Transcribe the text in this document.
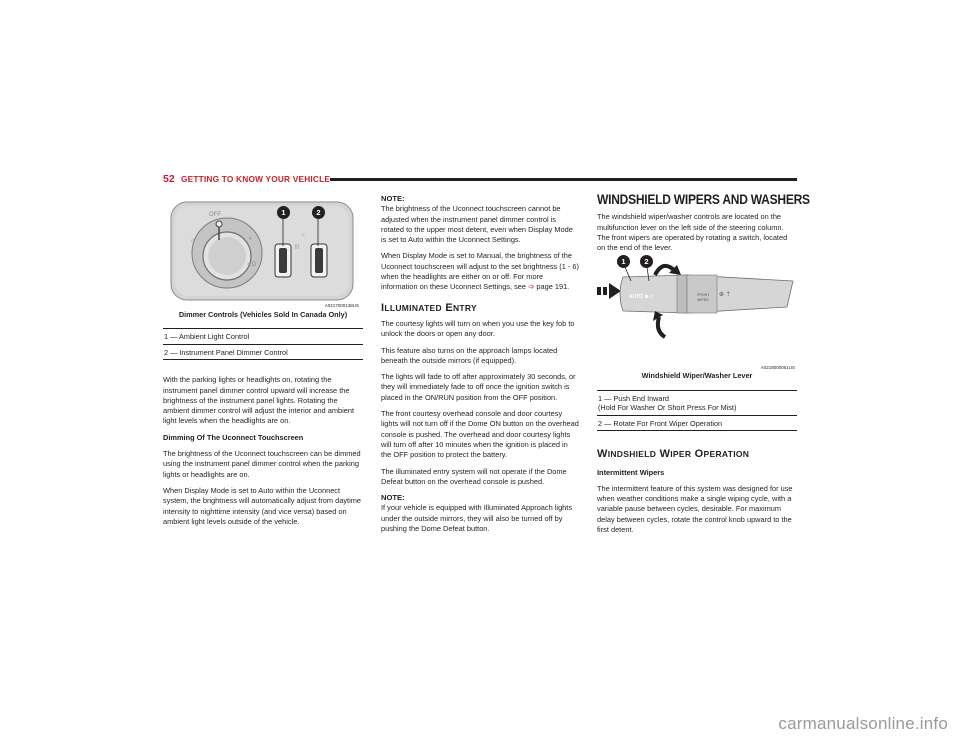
52 GETTING TO KNOW YOUR VEHICLE
OFF
☼	◐
⊂D
|||
☼
1	2
A0217000138US
Dimmer Controls (Vehicles Sold In Canada Only)
1 — Ambient Light Control
2 — Instrument Panel Dimmer Control

With the parking lights or headlights on, rotating the instrument panel dimmer control upward will increase the brightness of the instrument panel lights. Rotating the ambient dimmer control will adjust the interior and ambient light levels when the headlights are on.

Dimming Of The Uconnect Touchscreen

The brightness of the Uconnect touchscreen can be dimmed using the instrument panel dimmer control when the parking lights or headlights are on.

When Display Mode is set to Auto within the Uconnect system, the brightness will automatically adjust from daytime intensity to nighttime intensity (and vice versa) based on ambient light levels outside of the vehicle.

NOTE:

The brightness of the Uconnect touchscreen cannot be adjusted when the instrument panel dimmer control is rotated to the upper most detent, even when Display Mode is set to Auto within the Uconnect Settings.

When Display Mode is set to Manual, the brightness of the Uconnect touchscreen will adjust to the set brightness (1 - 6) when the headlights are either on or off. For more information on these Uconnect Settings, see ➩ page 191.

ILLUMINATED ENTRY

The courtesy lights will turn on when you use the key fob to unlock the doors or open any door.

This feature also turns on the approach lamps located beneath the outside mirrors (if equipped).

The lights will fade to off after approximately 30 seconds, or they will immediately fade to off once the ignition switch is placed in the ON/RUN position from the OFF position.

The front courtesy overhead console and door courtesy lights will not turn off if the Dome ON button on the overhead console is pushed. The overhead and door courtesy lights will turn off after 10 minutes when the ignition is placed in the OFF position to protect the battery.

The illuminated entry system will not operate if the Dome Defeat button on the overhead console is pushed.

NOTE:

If your vehicle is equipped with Illuminated Approach lights under the outside mirrors, they will also be turned off by pushing the Dome Defeat button.

WINDSHIELD WIPERS AND WASHERS

The windshield wiper/washer controls are located on the multifunction lever on the left side of the steering column. The front wipers are operated by rotating a switch, located on the end of the lever.

AUTO ⊕ ≈	FRONT
WIPER
⊕ ⇡
1	2
A0218000051US
Windshield Wiper/Washer Lever
1 — Push End Inward
(Hold For Washer Or Short Press For Mist)
2 — Rotate For Front Wiper Operation
WINDSHIELD WIPER OPERATION

Intermittent Wipers

The intermittent feature of this system was designed for use when weather conditions make a single wiping cycle, with a variable pause between cycles, desirable. For maximum delay between cycles, rotate the control knob upward to the first detent.

carmanualsonline.info
